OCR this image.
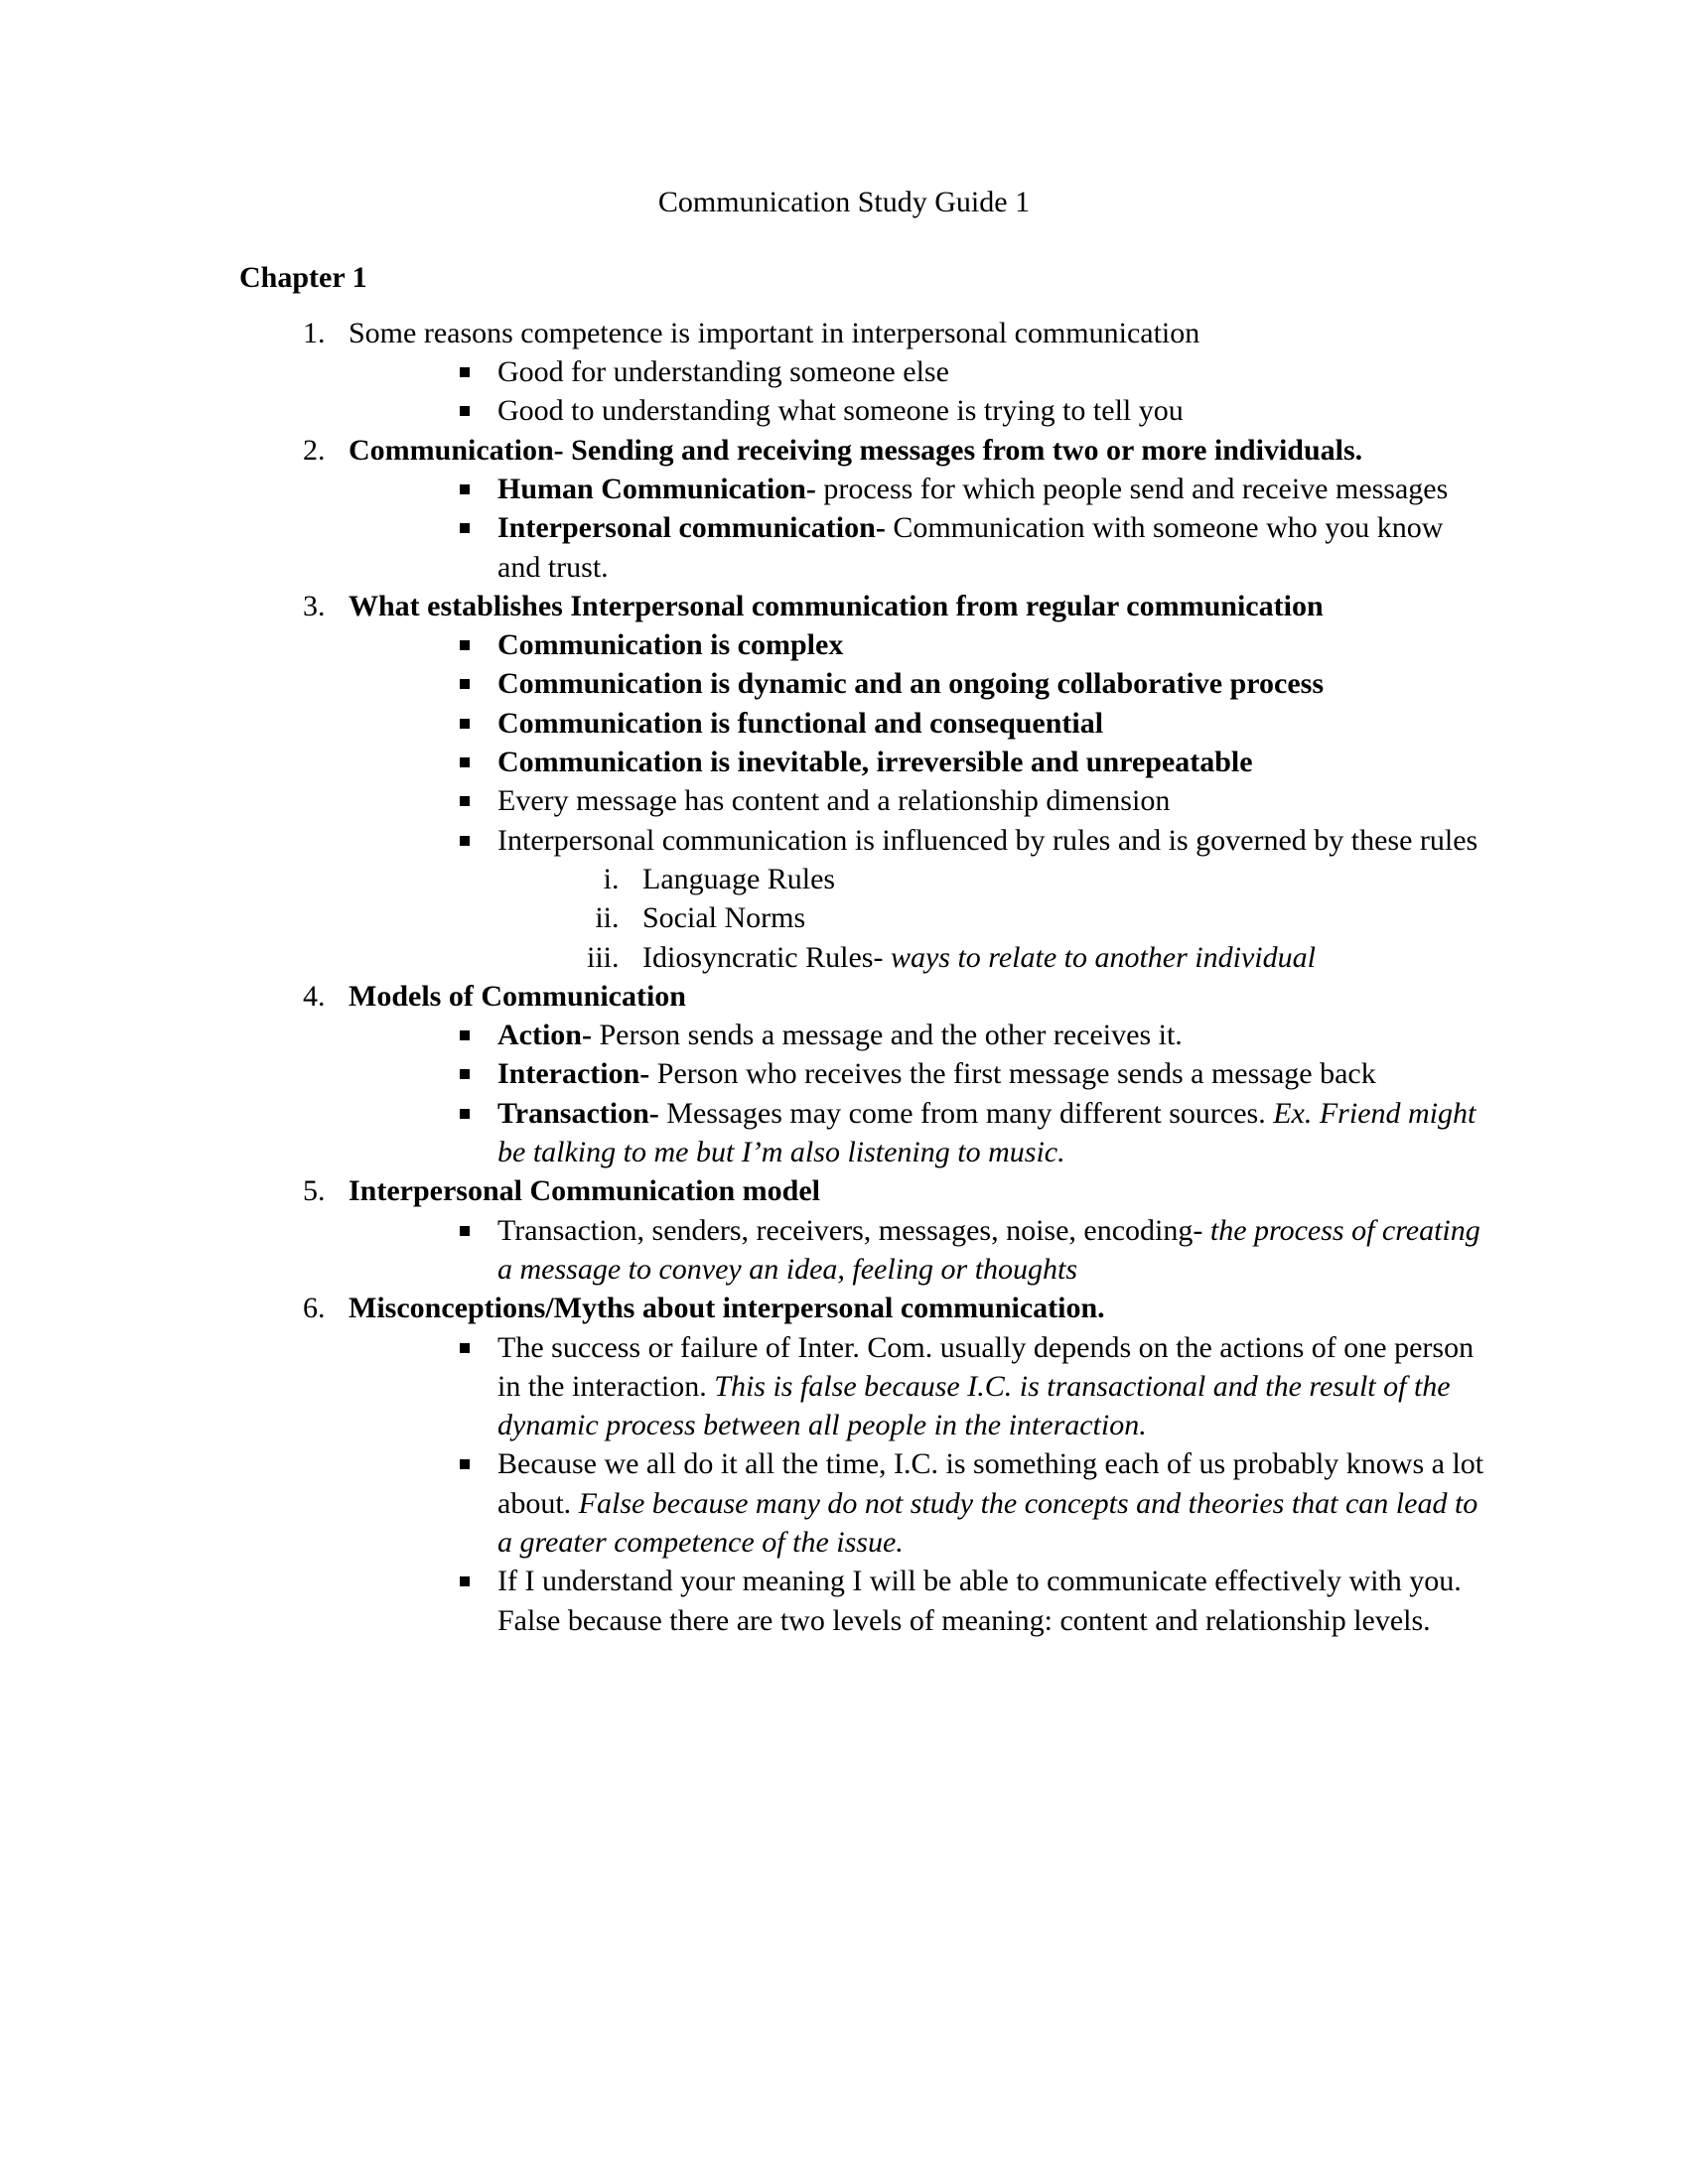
Communication Study Guide 1
Chapter 1
1. Some reasons competence is important in interpersonal communication
Good for understanding someone else
Good to understanding what someone is trying to tell you
2. Communication- Sending and receiving messages from two or more individuals.
Human Communication- process for which people send and receive messages
Interpersonal communication- Communication with someone who you know and trust.
3. What establishes Interpersonal communication from regular communication
Communication is complex
Communication is dynamic and an ongoing collaborative process
Communication is functional and consequential
Communication is inevitable, irreversible and unrepeatable
Every message has content and a relationship dimension
Interpersonal communication is influenced by rules and is governed by these rules
i. Language Rules
ii. Social Norms
iii. Idiosyncratic Rules- ways to relate to another individual
4. Models of Communication
Action- Person sends a message and the other receives it.
Interaction- Person who receives the first message sends a message back
Transaction- Messages may come from many different sources. Ex. Friend might be talking to me but I’m also listening to music.
5. Interpersonal Communication model
Transaction, senders, receivers, messages, noise, encoding- the process of creating a message to convey an idea, feeling or thoughts
6. Misconceptions/Myths about interpersonal communication.
The success or failure of Inter. Com. usually depends on the actions of one person in the interaction. This is false because I.C. is transactional and the result of the dynamic process between all people in the interaction.
Because we all do it all the time, I.C. is something each of us probably knows a lot about. False because many do not study the concepts and theories that can lead to a greater competence of the issue.
If I understand your meaning I will be able to communicate effectively with you. False because there are two levels of meaning: content and relationship levels.
